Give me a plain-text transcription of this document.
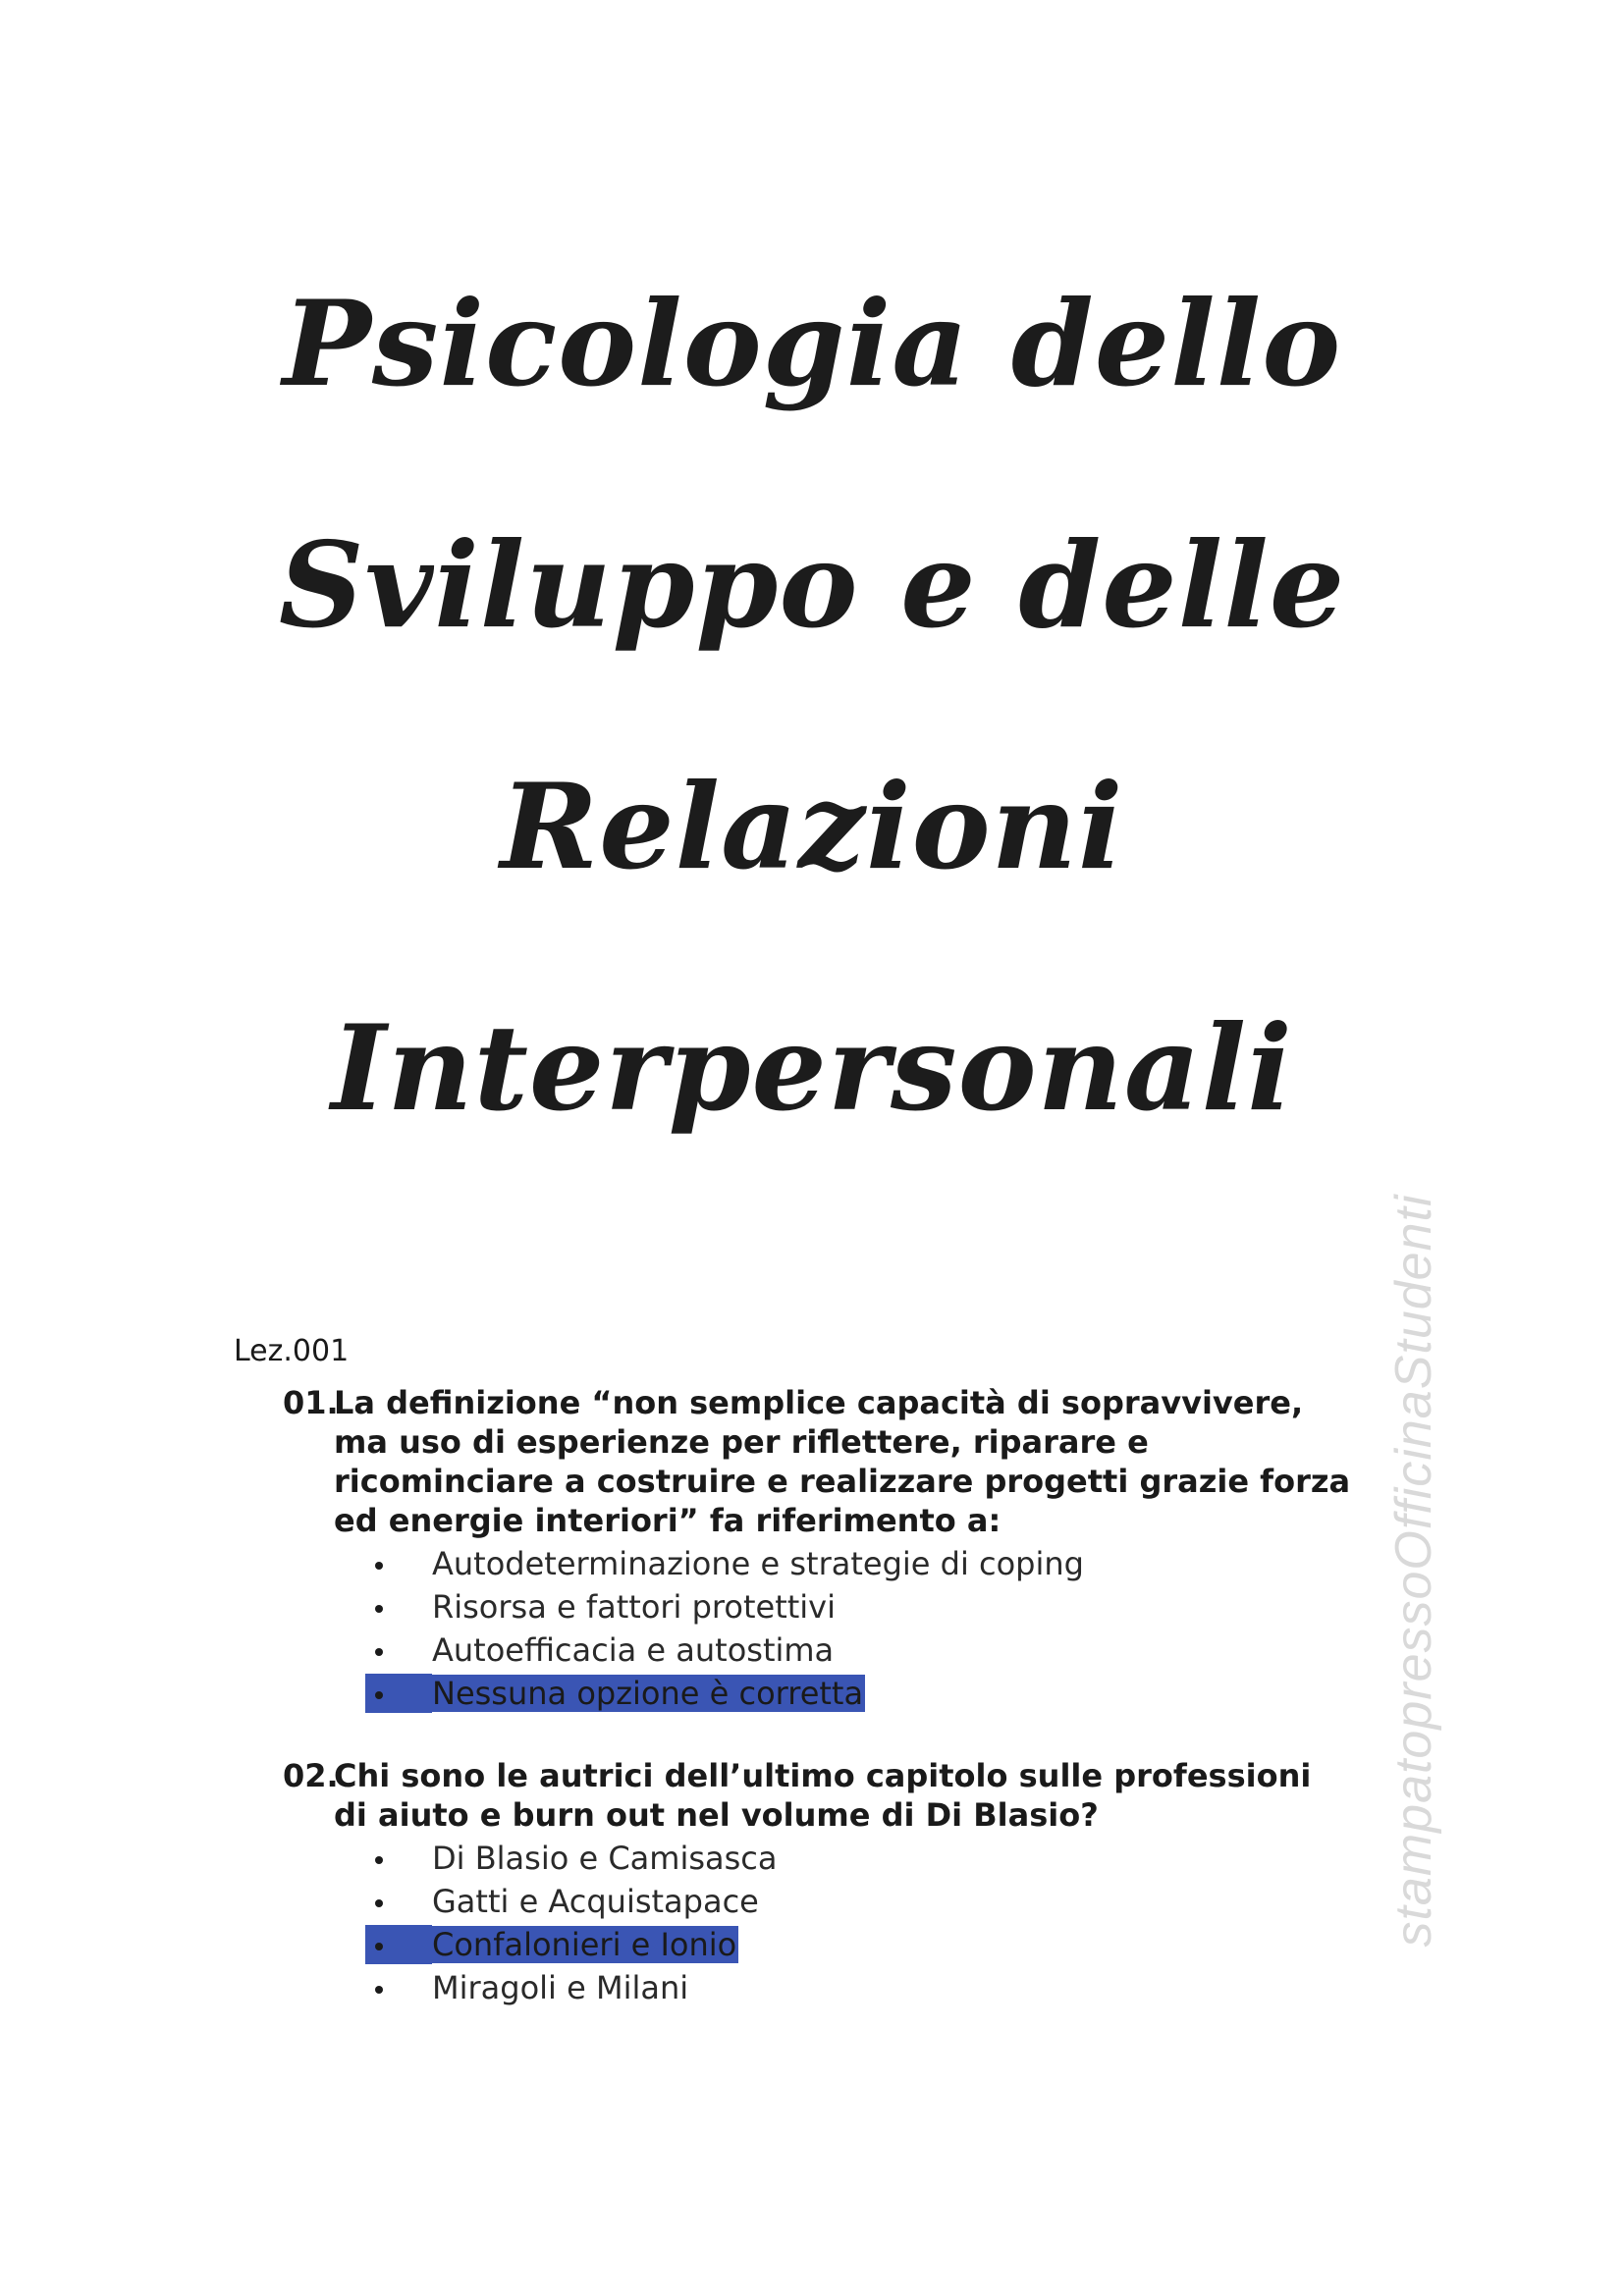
Psicologia dello
Sviluppo e delle
Relazioni
Interpersonali
stampatopressoOfficinaStudenti
Lez.001
01.
La definizione “non semplice capacità di sopravvivere, ma uso di esperienze per riflettere, riparare e ricominciare a costruire e realizzare progetti grazie forza ed energie interiori” fa riferimento a:
Autodeterminazione e strategie di coping
Risorsa e fattori protettivi
Autoefficacia e autostima
Nessuna opzione è corretta
02.
Chi sono le autrici dell’ultimo capitolo sulle professioni di aiuto e burn out nel volume di Di Blasio?
Di Blasio e Camisasca
Gatti e Acquistapace
Confalonieri e Ionio
Miragoli e Milani
